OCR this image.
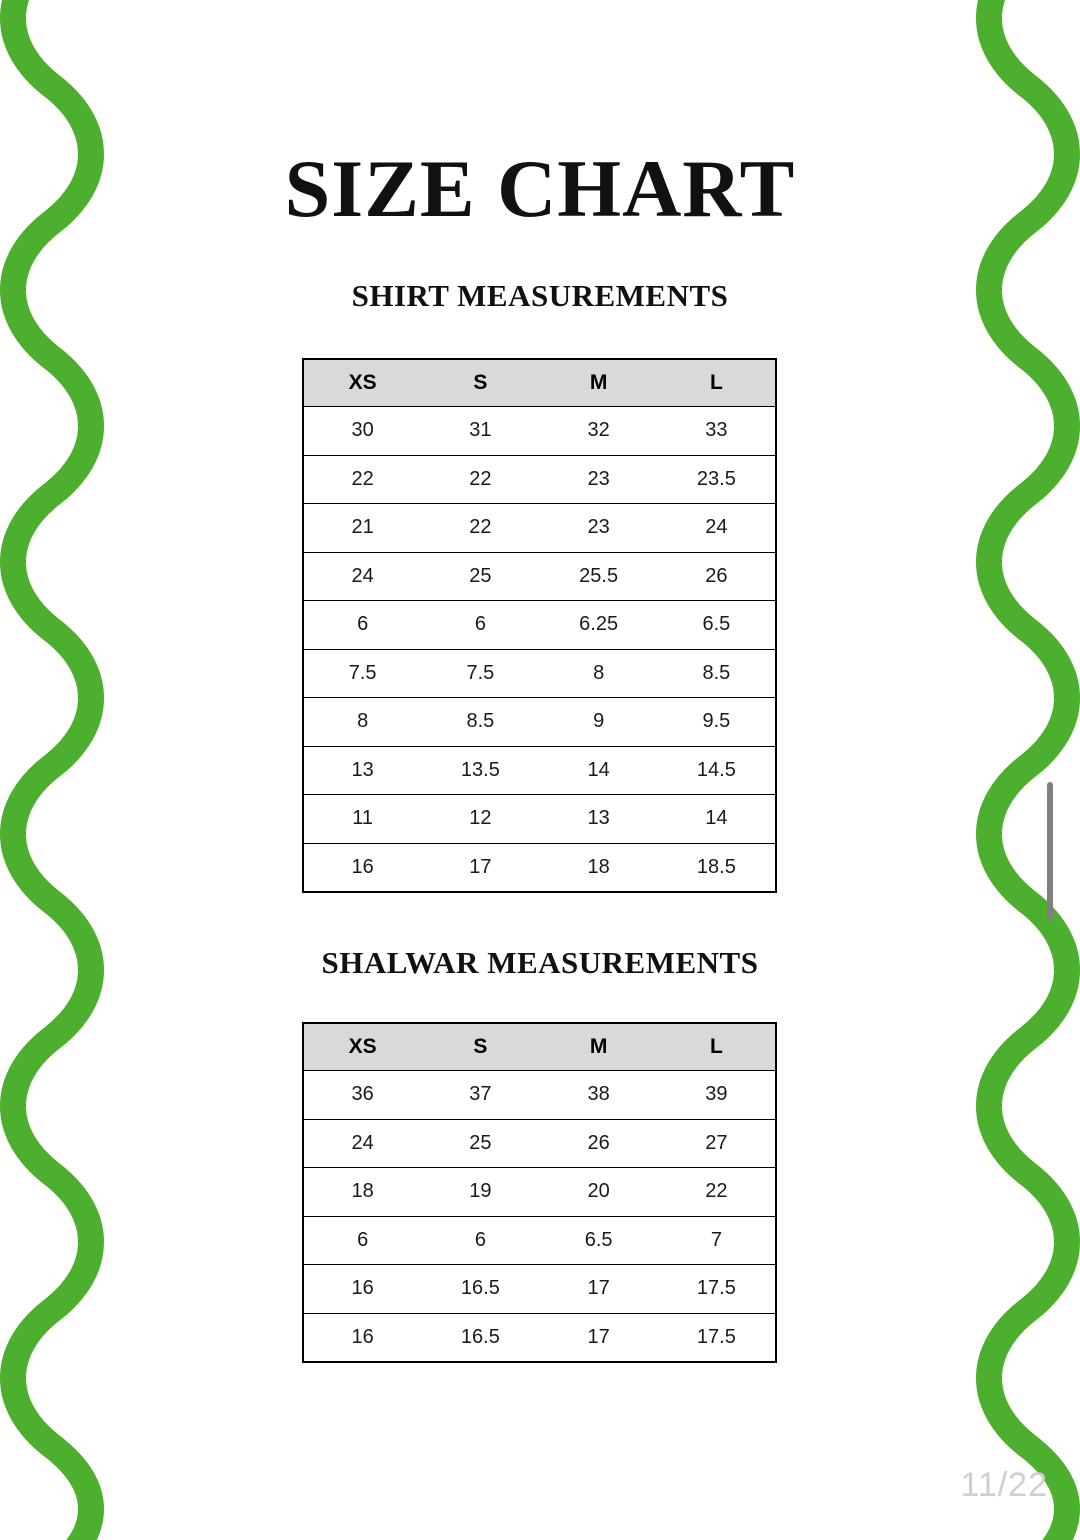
SIZE CHART
SHIRT MEASUREMENTS
XS	S	M	L
30	31	32	33
22	22	23	23.5
21	22	23	24
24	25	25.5	26
6	6	6.25	6.5
7.5	7.5	8	8.5
8	8.5	9	9.5
13	13.5	14	14.5
11	12	13	14
16	17	18	18.5
SHALWAR MEASUREMENTS
XS	S	M	L
36	37	38	39
24	25	26	27
18	19	20	22
6	6	6.5	7
16	16.5	17	17.5
16	16.5	17	17.5
11/22
